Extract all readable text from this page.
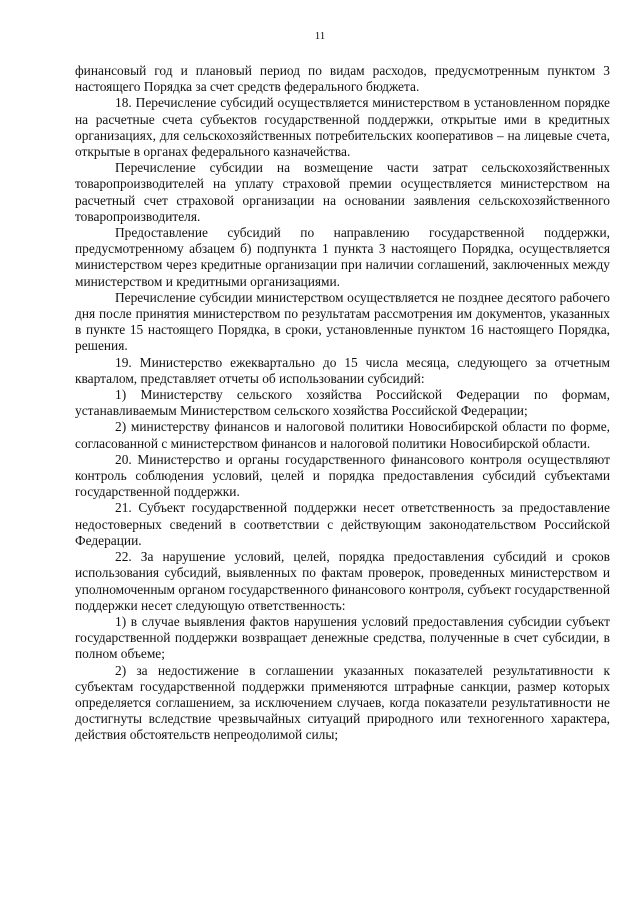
11

финансовый год и плановый период по видам расходов, предусмотренным пунктом 3 настоящего Порядка за счет средств федерального бюджета.

18. Перечисление субсидий осуществляется министерством в установленном порядке на расчетные счета субъектов государственной поддержки, открытые ими в кредитных организациях, для сельскохозяйственных потребительских кооперативов – на лицевые счета, открытые в органах федерального казначейства.

Перечисление субсидии на возмещение части затрат сельскохозяйственных товаропроизводителей на уплату страховой премии осуществляется министерством на расчетный счет страховой организации на основании заявления сельскохозяйственного товаропроизводителя.

Предоставление субсидий по направлению государственной поддержки, предусмотренному абзацем б) подпункта 1 пункта 3 настоящего Порядка, осуществляется министерством через кредитные организации при наличии соглашений, заключенных между министерством и кредитными организациями.

Перечисление субсидии министерством осуществляется не позднее десятого рабочего дня после принятия министерством по результатам рассмотрения им документов, указанных в пункте 15 настоящего Порядка, в сроки, установленные пунктом 16 настоящего Порядка, решения.

19. Министерство ежеквартально до 15 числа месяца, следующего за отчетным кварталом, представляет отчеты об использовании субсидий:

1) Министерству сельского хозяйства Российской Федерации по формам, устанавливаемым Министерством сельского хозяйства Российской Федерации;

2) министерству финансов и налоговой политики Новосибирской области по форме, согласованной с министерством финансов и налоговой политики Новосибирской области.

20. Министерство и органы государственного финансового контроля осуществляют контроль соблюдения условий, целей и порядка предоставления субсидий субъектами государственной поддержки.

21. Субъект государственной поддержки несет ответственность за предоставление недостоверных сведений в соответствии с действующим законодательством Российской Федерации.

22. За нарушение условий, целей, порядка предоставления субсидий и сроков использования субсидий, выявленных по фактам проверок, проведенных министерством и уполномоченным органом государственного финансового контроля, субъект государственной поддержки несет следующую ответственность:

1) в случае выявления фактов нарушения условий предоставления субсидии субъект государственной поддержки возвращает денежные средства, полученные в счет субсидии, в полном объеме;

2) за недостижение в соглашении указанных показателей результативности к субъектам государственной поддержки применяются штрафные санкции, размер которых определяется соглашением, за исключением случаев, когда показатели результативности не достигнуты вследствие чрезвычайных ситуаций природного или техногенного характера, действия обстоятельств непреодолимой силы;
